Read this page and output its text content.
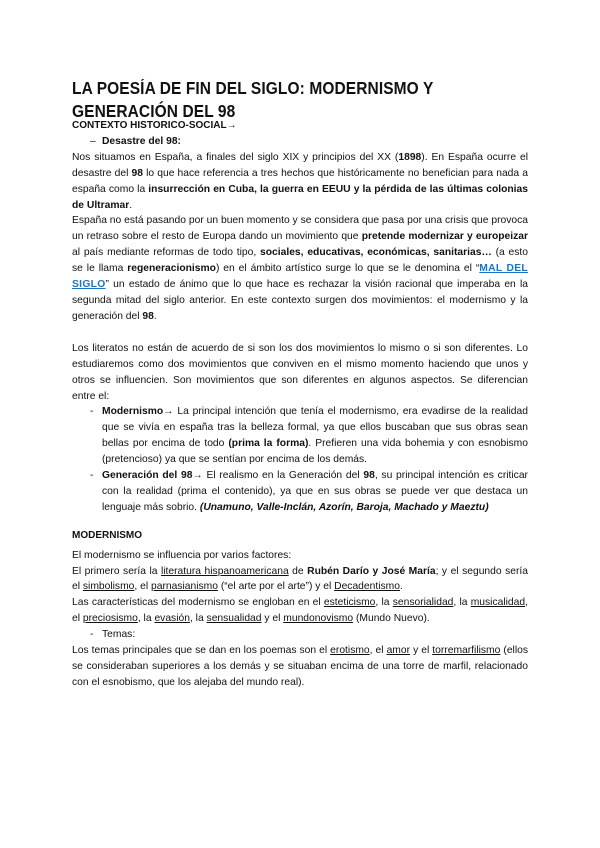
LA POESÍA DE FIN DEL SIGLO: MODERNISMO Y GENERACIÓN DEL 98

CONTEXTO HISTORICO-SOCIAL→

– Desastre del 98:

Nos situamos en España, a finales del siglo XIX y principios del XX (1898). En España ocurre el desastre del 98 lo que hace referencia a tres hechos que históricamente no benefician para nada a españa como la insurrección en Cuba, la guerra en EEUU y la pérdida de las últimas colonias de Ultramar.

España no está pasando por un buen momento y se considera que pasa por una crisis que provoca un retraso sobre el resto de Europa dando un movimiento que pretende modernizar y europeizar al país mediante reformas de todo tipo, sociales, educativas, económicas, sanitarias… (a esto se le llama regeneracionismo) en el ámbito artístico surge lo que se le denomina el “MAL DEL SIGLO” un estado de ánimo que lo que hace es rechazar la visión racional que imperaba en la segunda mitad del siglo anterior. En este contexto surgen dos movimientos: el modernismo y la generación del 98.

Los literatos no están de acuerdo de si son los dos movimientos lo mismo o si son diferentes. Lo estudiaremos como dos movimientos que conviven en el mismo momento haciendo que unos y otros se influencien. Son movimientos que son diferentes en algunos aspectos. Se diferencian entre el:

- Modernismo→ La principal intención que tenía el modernismo, era evadirse de la realidad que se vivía en españa tras la belleza formal, ya que ellos buscaban que sus obras sean bellas por encima de todo (prima la forma). Prefieren una vida bohemia y con esnobismo (pretencioso) ya que se sentían por encima de los demás.
- Generación del 98→ El realismo en la Generación del 98, su principal intención es criticar con la realidad (prima el contenido), ya que en sus obras se puede ver que destaca un lenguaje más sobrio. (Unamuno, Valle-Inclán, Azorín, Baroja, Machado y Maeztu)

MODERNISMO

El modernismo se influencia por varios factores:

El primero sería la literatura hispanoamericana de Rubén Darío y José María; y el segundo sería el simbolismo, el parnasianismo (“el arte por el arte”) y el Decadentismo.

Las características del modernismo se engloban en el esteticismo, la sensorialidad, la musicalidad, el preciosismo, la evasión, la sensualidad y el mundonovismo (Mundo Nuevo).

- Temas:

Los temas principales que se dan en los poemas son el erotismo, el amor y el torremarfilismo (ellos se consideraban superiores a los demás y se situaban encima de una torre de marfil, relacionado con el esnobismo, que los alejaba del mundo real).
